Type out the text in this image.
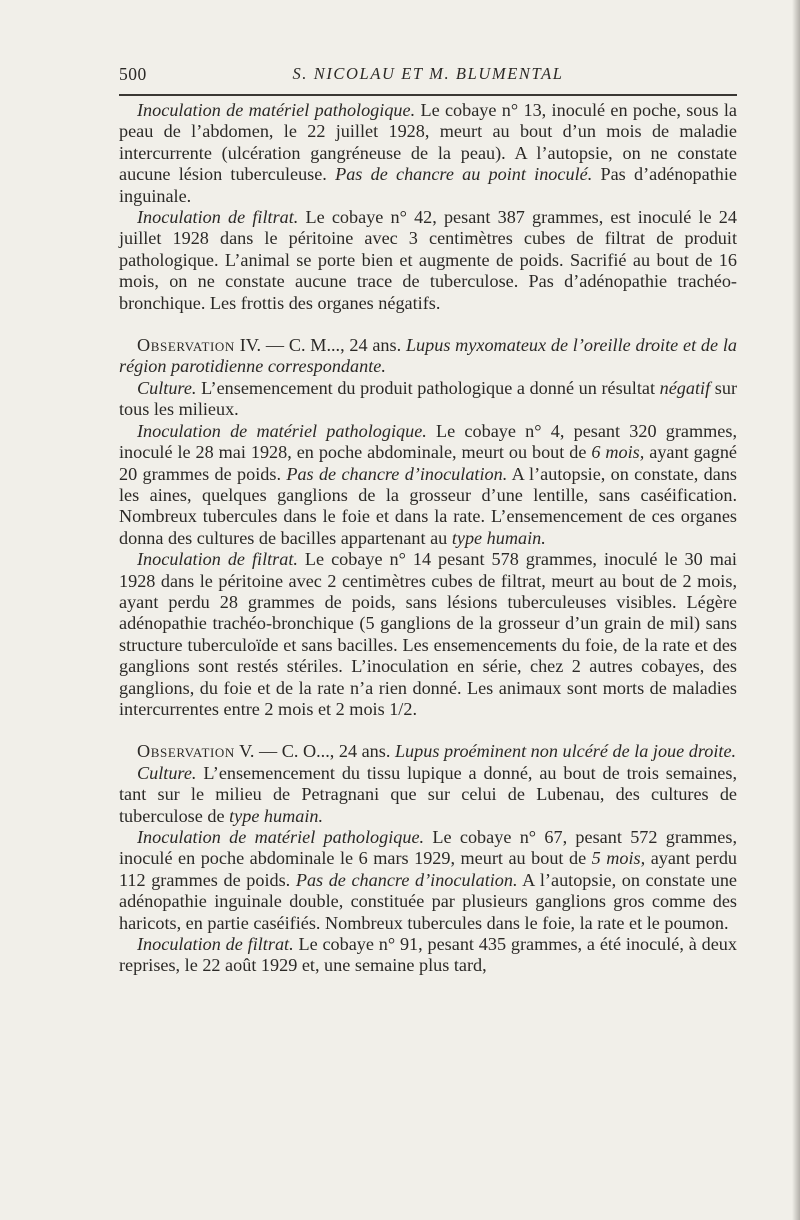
500	S. NICOLAU ET M. BLUMENTAL

Inoculation de matériel pathologique. Le cobaye n° 13, inoculé en poche, sous la peau de l’abdomen, le 22 juillet 1928, meurt au bout d’un mois de maladie intercurrente (ulcération gangréneuse de la peau). A l’autopsie, on ne constate aucune lésion tuberculeuse. Pas de chancre au point inoculé. Pas d’adénopathie inguinale.

Inoculation de filtrat. Le cobaye n° 42, pesant 387 grammes, est inoculé le 24 juillet 1928 dans le péritoine avec 3 centimètres cubes de filtrat de produit pathologique. L’animal se porte bien et augmente de poids. Sacrifié au bout de 16 mois, on ne constate aucune trace de tuberculose. Pas d’adénopathie trachéo-bronchique. Les frottis des organes négatifs.

Observation IV. — C. M..., 24 ans. Lupus myxomateux de l’oreille droite et de la région parotidienne correspondante.

Culture. L’ensemencement du produit pathologique a donné un résultat négatif sur tous les milieux.

Inoculation de matériel pathologique. Le cobaye n° 4, pesant 320 grammes, inoculé le 28 mai 1928, en poche abdominale, meurt ou bout de 6 mois, ayant gagné 20 grammes de poids. Pas de chancre d’inoculation. A l’autopsie, on constate, dans les aines, quelques ganglions de la grosseur d’une lentille, sans caséification. Nombreux tubercules dans le foie et dans la rate. L’ensemencement de ces organes donna des cultures de bacilles appartenant au type humain.

Inoculation de filtrat. Le cobaye n° 14 pesant 578 grammes, inoculé le 30 mai 1928 dans le péritoine avec 2 centimètres cubes de filtrat, meurt au bout de 2 mois, ayant perdu 28 grammes de poids, sans lésions tuberculeuses visibles. Légère adénopathie trachéo-bronchique (5 ganglions de la grosseur d’un grain de mil) sans structure tuberculoïde et sans bacilles. Les ensemencements du foie, de la rate et des ganglions sont restés stériles. L’inoculation en série, chez 2 autres cobayes, des ganglions, du foie et de la rate n’a rien donné. Les animaux sont morts de maladies intercurrentes entre 2 mois et 2 mois 1/2.

Observation V. — C. O..., 24 ans. Lupus proéminent non ulcéré de la joue droite.

Culture. L’ensemencement du tissu lupique a donné, au bout de trois semaines, tant sur le milieu de Petragnani que sur celui de Lubenau, des cultures de tuberculose de type humain.

Inoculation de matériel pathologique. Le cobaye n° 67, pesant 572 grammes, inoculé en poche abdominale le 6 mars 1929, meurt au bout de 5 mois, ayant perdu 112 grammes de poids. Pas de chancre d’inoculation. A l’autopsie, on constate une adénopathie inguinale double, constituée par plusieurs ganglions gros comme des haricots, en partie caséifiés. Nombreux tubercules dans le foie, la rate et le poumon.

Inoculation de filtrat. Le cobaye n° 91, pesant 435 grammes, a été inoculé, à deux reprises, le 22 août 1929 et, une semaine plus tard,
